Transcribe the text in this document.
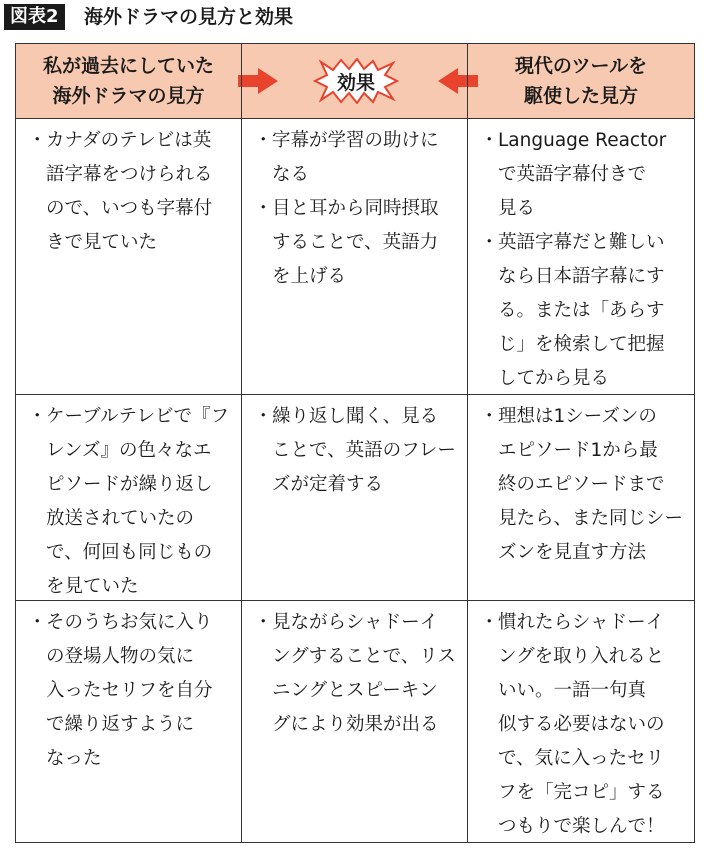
図表2	海外ドラマの見方と効果
私が過去にしていた
海外ドラマの見方
効果
現代のツールを
駆使した見方
・ カナダのテレビは英
語字幕をつけられる
ので、いつも字幕付
きで見ていた
・ 字幕が学習の助けに
なる
・ 目と耳から同時摂取
することで、英語力
を上げる
・ Language Reactor
で英語字幕付きで
見る
・ 英語字幕だと難しい
なら日本語字幕にす
る。または「あらす
じ」を検索して把握
してから見る
・ ケーブルテレビで『フ
レンズ』の色々なエ
ピソードが繰り返し
放送されていたの
で、何回も同じもの
を見ていた
・ 繰り返し聞く、見る
ことで、英語のフレー
ズが定着する
・ 理想は1シーズンの
エピソード1から最
終のエピソードまで
見たら、また同じシー
ズンを見直す方法
・ そのうちお気に入り
の登場人物の気に
入ったセリフを自分
で繰り返すように
なった
・ 見ながらシャドーイ
ングすることで、リス
ニングとスピーキン
グにより効果が出る
・ 慣れたらシャドーイ
ングを取り入れると
いい。一語一句真
似する必要はないの
で、気に入ったセリ
フを「完コピ」する
つもりで楽しんで！
